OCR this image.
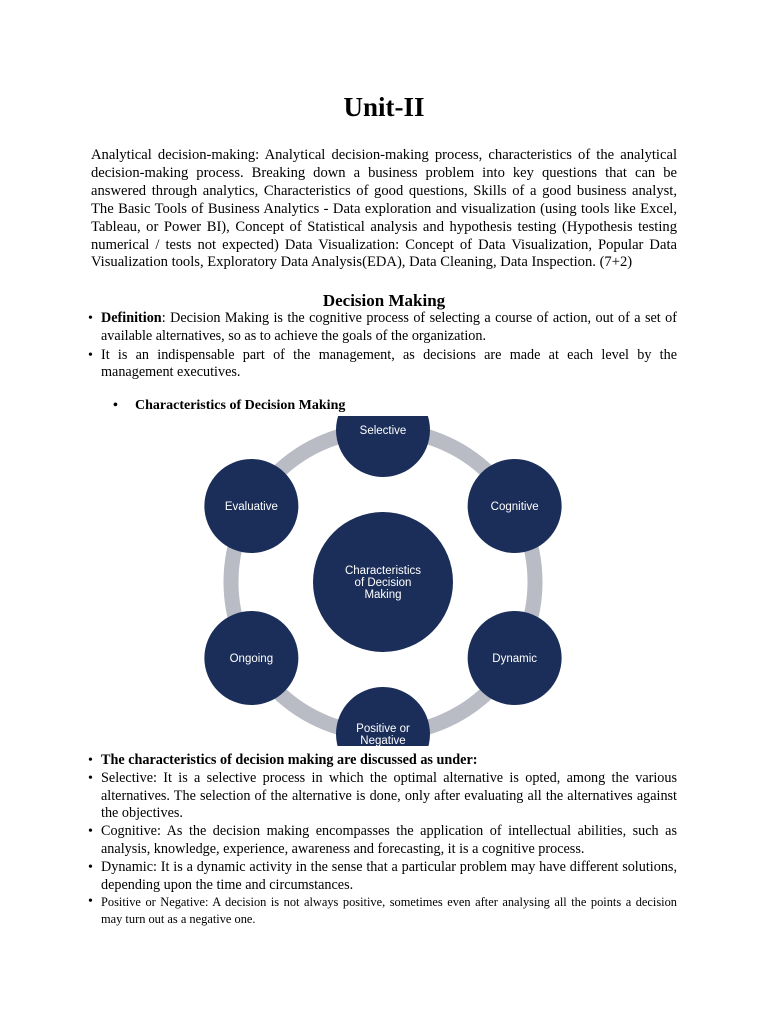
Unit-II

Analytical decision-making: Analytical decision-making process, characteristics of the analytical decision-making process. Breaking down a business problem into key questions that can be answered through analytics, Characteristics of good questions, Skills of a good business analyst, The Basic Tools of Business Analytics - Data exploration and visualization (using tools like Excel, Tableau, or Power BI), Concept of Statistical analysis and hypothesis testing (Hypothesis testing numerical / tests not expected) Data Visualization: Concept of Data Visualization, Popular Data Visualization tools, Exploratory Data Analysis(EDA), Data Cleaning, Data Inspection. (7+2)

Decision Making
• Definition: Decision Making is the cognitive process of selecting a course of action, out of a set of available alternatives, so as to achieve the goals of the organization.
• It is an indispensable part of the management, as decisions are made at each level by the management executives.
• Characteristics of Decision Making
Selective
Cognitive
Dynamic
Positive or Negative
Ongoing
Evaluative
Characteristics of Decision Making
• The characteristics of decision making are discussed as under:
• Selective: It is a selective process in which the optimal alternative is opted, among the various alternatives. The selection of the alternative is done, only after evaluating all the alternatives against the objectives.
• Cognitive: As the decision making encompasses the application of intellectual abilities, such as analysis, knowledge, experience, awareness and forecasting, it is a cognitive process.
• Dynamic: It is a dynamic activity in the sense that a particular problem may have different solutions, depending upon the time and circumstances.
• Positive or Negative: A decision is not always positive, sometimes even after analysing all the points a decision may turn out as a negative one.
